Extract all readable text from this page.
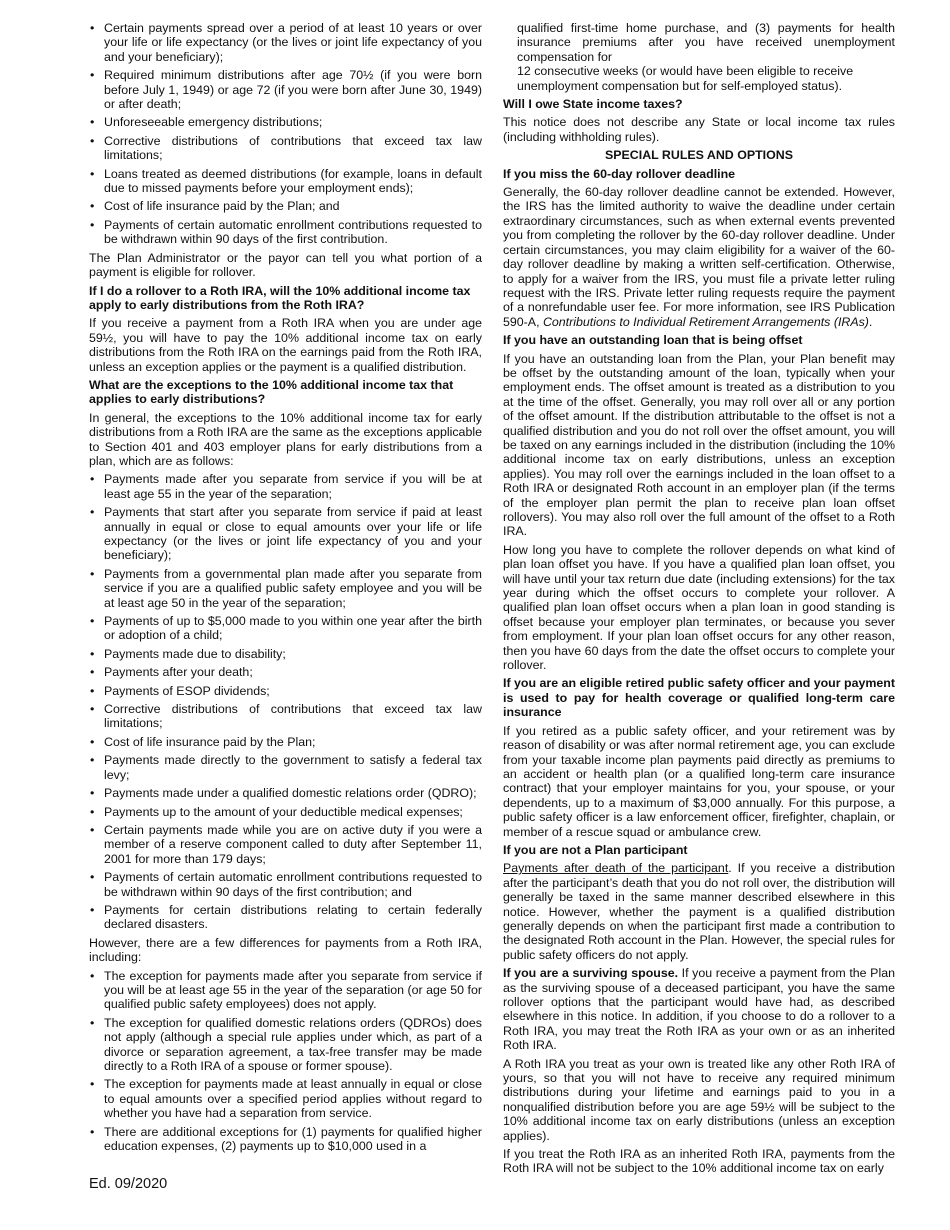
• Certain payments spread over a period of at least 10 years or over your life or life expectancy (or the lives or joint life expectancy of you and your beneficiary);
• Required minimum distributions after age 70½ (if you were born before July 1, 1949) or age 72 (if you were born after June 30, 1949) or after death;
• Unforeseeable emergency distributions;
• Corrective distributions of contributions that exceed tax law limitations;
• Loans treated as deemed distributions (for example, loans in default due to missed payments before your employment ends);
• Cost of life insurance paid by the Plan; and
• Payments of certain automatic enrollment contributions requested to be withdrawn within 90 days of the first contribution.

The Plan Administrator or the payor can tell you what portion of a payment is eligible for rollover.

If I do a rollover to a Roth IRA, will the 10% additional income tax apply to early distributions from the Roth IRA?

If you receive a payment from a Roth IRA when you are under age 59½, you will have to pay the 10% additional income tax on early distributions from the Roth IRA on the earnings paid from the Roth IRA, unless an exception applies or the payment is a qualified distribution.

What are the exceptions to the 10% additional income tax that applies to early distributions?

In general, the exceptions to the 10% additional income tax for early distributions from a Roth IRA are the same as the exceptions applicable to Section 401 and 403 employer plans for early distributions from a plan, which are as follows:

• Payments made after you separate from service if you will be at least age 55 in the year of the separation;
• Payments that start after you separate from service if paid at least annually in equal or close to equal amounts over your life or life expectancy (or the lives or joint life expectancy of you and your beneficiary);
• Payments from a governmental plan made after you separate from service if you are a qualified public safety employee and you will be at least age 50 in the year of the separation;
• Payments of up to $5,000 made to you within one year after the birth or adoption of a child;
• Payments made due to disability;
• Payments after your death;
• Payments of ESOP dividends;
• Corrective distributions of contributions that exceed tax law limitations;
• Cost of life insurance paid by the Plan;
• Payments made directly to the government to satisfy a federal tax levy;
• Payments made under a qualified domestic relations order (QDRO);
• Payments up to the amount of your deductible medical expenses;
• Certain payments made while you are on active duty if you were a member of a reserve component called to duty after September 11, 2001 for more than 179 days;
• Payments of certain automatic enrollment contributions requested to be withdrawn within 90 days of the first contribution; and
• Payments for certain distributions relating to certain federally declared disasters.

However, there are a few differences for payments from a Roth IRA, including:

• The exception for payments made after you separate from service if you will be at least age 55 in the year of the separation (or age 50 for qualified public safety employees) does not apply.
• The exception for qualified domestic relations orders (QDROs) does not apply (although a special rule applies under which, as part of a divorce or separation agreement, a tax-free transfer may be made directly to a Roth IRA of a spouse or former spouse).
• The exception for payments made at least annually in equal or close to equal amounts over a specified period applies without regard to whether you have had a separation from service.
• There are additional exceptions for (1) payments for qualified higher education expenses, (2) payments up to $10,000 used in a

qualified first-time home purchase, and (3) payments for health insurance premiums after you have received unemployment compensation for

12 consecutive weeks (or would have been eligible to receive unemployment compensation but for self-employed status).

Will I owe State income taxes?

This notice does not describe any State or local income tax rules (including withholding rules).

SPECIAL RULES AND OPTIONS
If you miss the 60-day rollover deadline

Generally, the 60-day rollover deadline cannot be extended. However, the IRS has the limited authority to waive the deadline under certain extraordinary circumstances, such as when external events prevented you from completing the rollover by the 60-day rollover deadline. Under certain circumstances, you may claim eligibility for a waiver of the 60-day rollover deadline by making a written self-certification. Otherwise, to apply for a waiver from the IRS, you must file a private letter ruling request with the IRS. Private letter ruling requests require the payment of a nonrefundable user fee. For more information, see IRS Publication 590-A, Contributions to Individual Retirement Arrangements (IRAs).

If you have an outstanding loan that is being offset

If you have an outstanding loan from the Plan, your Plan benefit may be offset by the outstanding amount of the loan, typically when your employment ends. The offset amount is treated as a distribution to you at the time of the offset. Generally, you may roll over all or any portion of the offset amount. If the distribution attributable to the offset is not a qualified distribution and you do not roll over the offset amount, you will be taxed on any earnings included in the distribution (including the 10% additional income tax on early distributions, unless an exception applies). You may roll over the earnings included in the loan offset to a Roth IRA or designated Roth account in an employer plan (if the terms of the employer plan permit the plan to receive plan loan offset rollovers). You may also roll over the full amount of the offset to a Roth IRA.

How long you have to complete the rollover depends on what kind of plan loan offset you have. If you have a qualified plan loan offset, you will have until your tax return due date (including extensions) for the tax year during which the offset occurs to complete your rollover. A qualified plan loan offset occurs when a plan loan in good standing is offset because your employer plan terminates, or because you sever from employment. If your plan loan offset occurs for any other reason, then you have 60 days from the date the offset occurs to complete your rollover.

If you are an eligible retired public safety officer and your payment is used to pay for health coverage or qualified long-term care insurance

If you retired as a public safety officer, and your retirement was by reason of disability or was after normal retirement age, you can exclude from your taxable income plan payments paid directly as premiums to an accident or health plan (or a qualified long-term care insurance contract) that your employer maintains for you, your spouse, or your dependents, up to a maximum of $3,000 annually. For this purpose, a public safety officer is a law enforcement officer, firefighter, chaplain, or member of a rescue squad or ambulance crew.

If you are not a Plan participant

Payments after death of the participant. If you receive a distribution after the participant’s death that you do not roll over, the distribution will generally be taxed in the same manner described elsewhere in this notice. However, whether the payment is a qualified distribution generally depends on when the participant first made a contribution to the designated Roth account in the Plan. However, the special rules for public safety officers do not apply.

If you are a surviving spouse. If you receive a payment from the Plan as the surviving spouse of a deceased participant, you have the same rollover options that the participant would have had, as described elsewhere in this notice. In addition, if you choose to do a rollover to a Roth IRA, you may treat the Roth IRA as your own or as an inherited Roth IRA.

A Roth IRA you treat as your own is treated like any other Roth IRA of yours, so that you will not have to receive any required minimum distributions during your lifetime and earnings paid to you in a nonqualified distribution before you are age 59½ will be subject to the 10% additional income tax on early distributions (unless an exception applies).

If you treat the Roth IRA as an inherited Roth IRA, payments from the Roth IRA will not be subject to the 10% additional income tax on early

Ed. 09/2020
